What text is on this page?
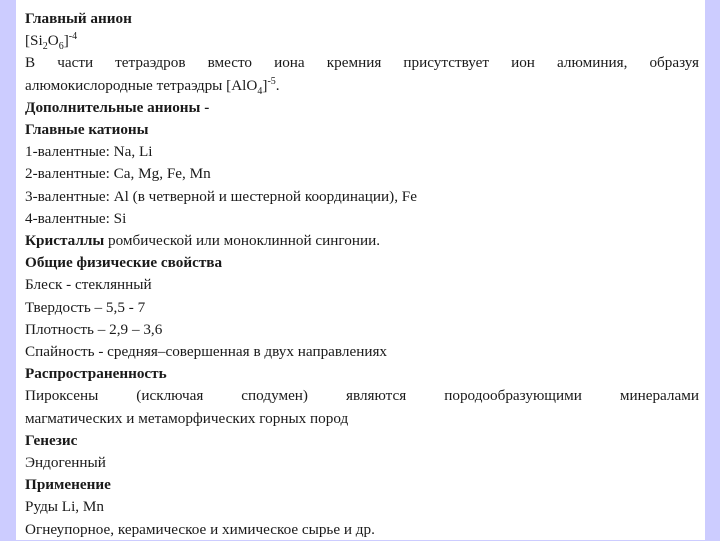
Главный анион
$[Si_2O_6]^{-4}$
В части тетраэдров вместо иона кремния присутствует ион алюминия, образуя
алюмокислородные тетраэдры $[AlO_4]^{-5}$.
Дополнительные анионы -
Главные катионы
1-валентные: Na, Li
2-валентные: Ca, Mg, Fe, Mn
3-валентные: Al (в четверной и шестерной координации), Fe
4-валентные: Si
Кристаллы ромбической или моноклинной сингонии.
Общие физические свойства
Блеск - стеклянный
Твердость – 5,5 - 7
Плотность – 2,9 – 3,6
Спайность - средняя–совершенная в двух направлениях
Распространенность
Пироксены (исключая сподумен) являются породообразующими минералами
магматических и метаморфических горных пород
Генезис
Эндогенный
Применение
Руды Li, Mn
Огнеупорное, керамическое и химическое сырье и др.
